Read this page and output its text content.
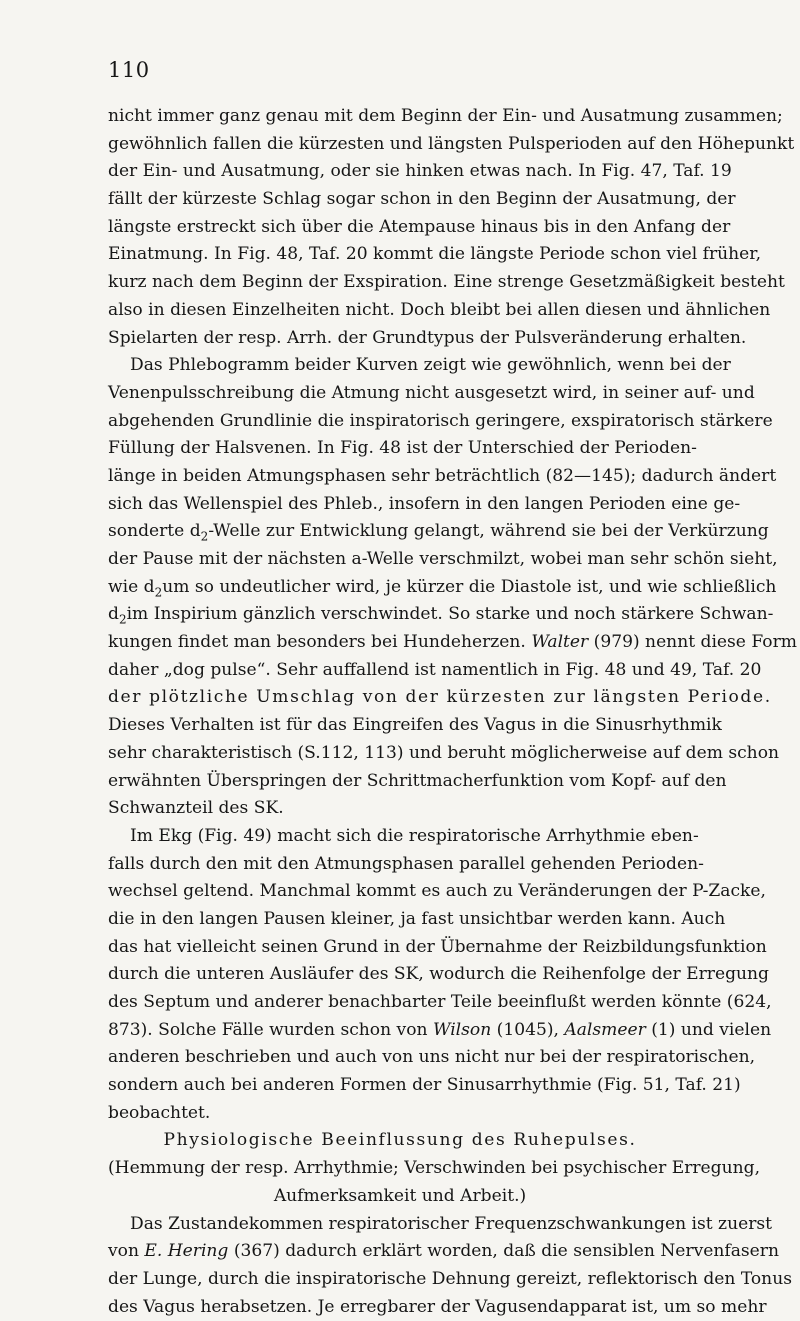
110
nicht immer ganz genau mit dem Beginn der Ein- und Ausatmung zusammen;
gewöhnlich fallen die kürzesten und längsten Pulsperioden auf den Höhepunkt
der Ein- und Ausatmung, oder sie hinken etwas nach. In Fig. 47, Taf. 19
fällt der kürzeste Schlag sogar schon in den Beginn der Ausatmung, der
längste erstreckt sich über die Atempause hinaus bis in den Anfang der
Einatmung. In Fig. 48, Taf. 20 kommt die längste Periode schon viel früher,
kurz nach dem Beginn der Exspiration. Eine strenge Gesetzmäßigkeit besteht
also in diesen Einzelheiten nicht. Doch bleibt bei allen diesen und ähnlichen
Spielarten der resp. Arrh. der Grundtypus der Pulsveränderung erhalten.
Das Phlebogramm beider Kurven zeigt wie gewöhnlich, wenn bei der
Venenpulsschreibung die Atmung nicht ausgesetzt wird, in seiner auf- und
abgehenden Grundlinie die inspiratorisch geringere, exspiratorisch stärkere
Füllung der Halsvenen. In Fig. 48 ist der Unterschied der Perioden-
länge in beiden Atmungsphasen sehr beträchtlich (82—145); dadurch ändert
sich das Wellenspiel des Phleb., insofern in den langen Perioden eine ge-
sonderte $d_2$-Welle zur Entwicklung gelangt, während sie bei der Verkürzung
der Pause mit der nächsten a-Welle verschmilzt, wobei man sehr schön sieht,
wie $d_2um$ so undeutlicher wird, je kürzer die Diastole ist, und wie schließlich
$d_2im$ Inspirium gänzlich verschwindet. So starke und noch stärkere Schwan-
kungen findet man besonders bei Hundeherzen. Walter (979) nennt diese Form
daher „dog pulse“. Sehr auffallend ist namentlich in Fig. 48 und 49, Taf. 20
der plötzliche Umschlag von der kürzesten zur längsten Periode.
Dieses Verhalten ist für das Eingreifen des Vagus in die Sinusrhythmik
sehr charakteristisch (S.112, 113) und beruht möglicherweise auf dem schon
erwähnten Überspringen der Schrittmacherfunktion vom Kopf- auf den
Schwanzteil des SK.
Im Ekg (Fig. 49) macht sich die respiratorische Arrhythmie eben-
falls durch den mit den Atmungsphasen parallel gehenden Perioden-
wechsel geltend. Manchmal kommt es auch zu Veränderungen der P-Zacke,
die in den langen Pausen kleiner, ja fast unsichtbar werden kann. Auch
das hat vielleicht seinen Grund in der Übernahme der Reizbildungsfunktion
durch die unteren Ausläufer des SK, wodurch die Reihenfolge der Erregung
des Septum und anderer benachbarter Teile beeinflußt werden könnte (624,
873). Solche Fälle wurden schon von Wilson (1045), Aalsmeer (1) und vielen
anderen beschrieben und auch von uns nicht nur bei der respiratorischen,
sondern auch bei anderen Formen der Sinusarrhythmie (Fig. 51, Taf. 21)
beobachtet.
Physiologische Beeinflussung des Ruhepulses.
(Hemmung der resp. Arrhythmie; Verschwinden bei psychischer Erregung,
Aufmerksamkeit und Arbeit.)
Das Zustandekommen respiratorischer Frequenzschwankungen ist zuerst
von E. Hering (367) dadurch erklärt worden, daß die sensiblen Nervenfasern
der Lunge, durch die inspiratorische Dehnung gereizt, reflektorisch den Tonus
des Vagus herabsetzen. Je erregbarer der Vagusendapparat ist, um so mehr
